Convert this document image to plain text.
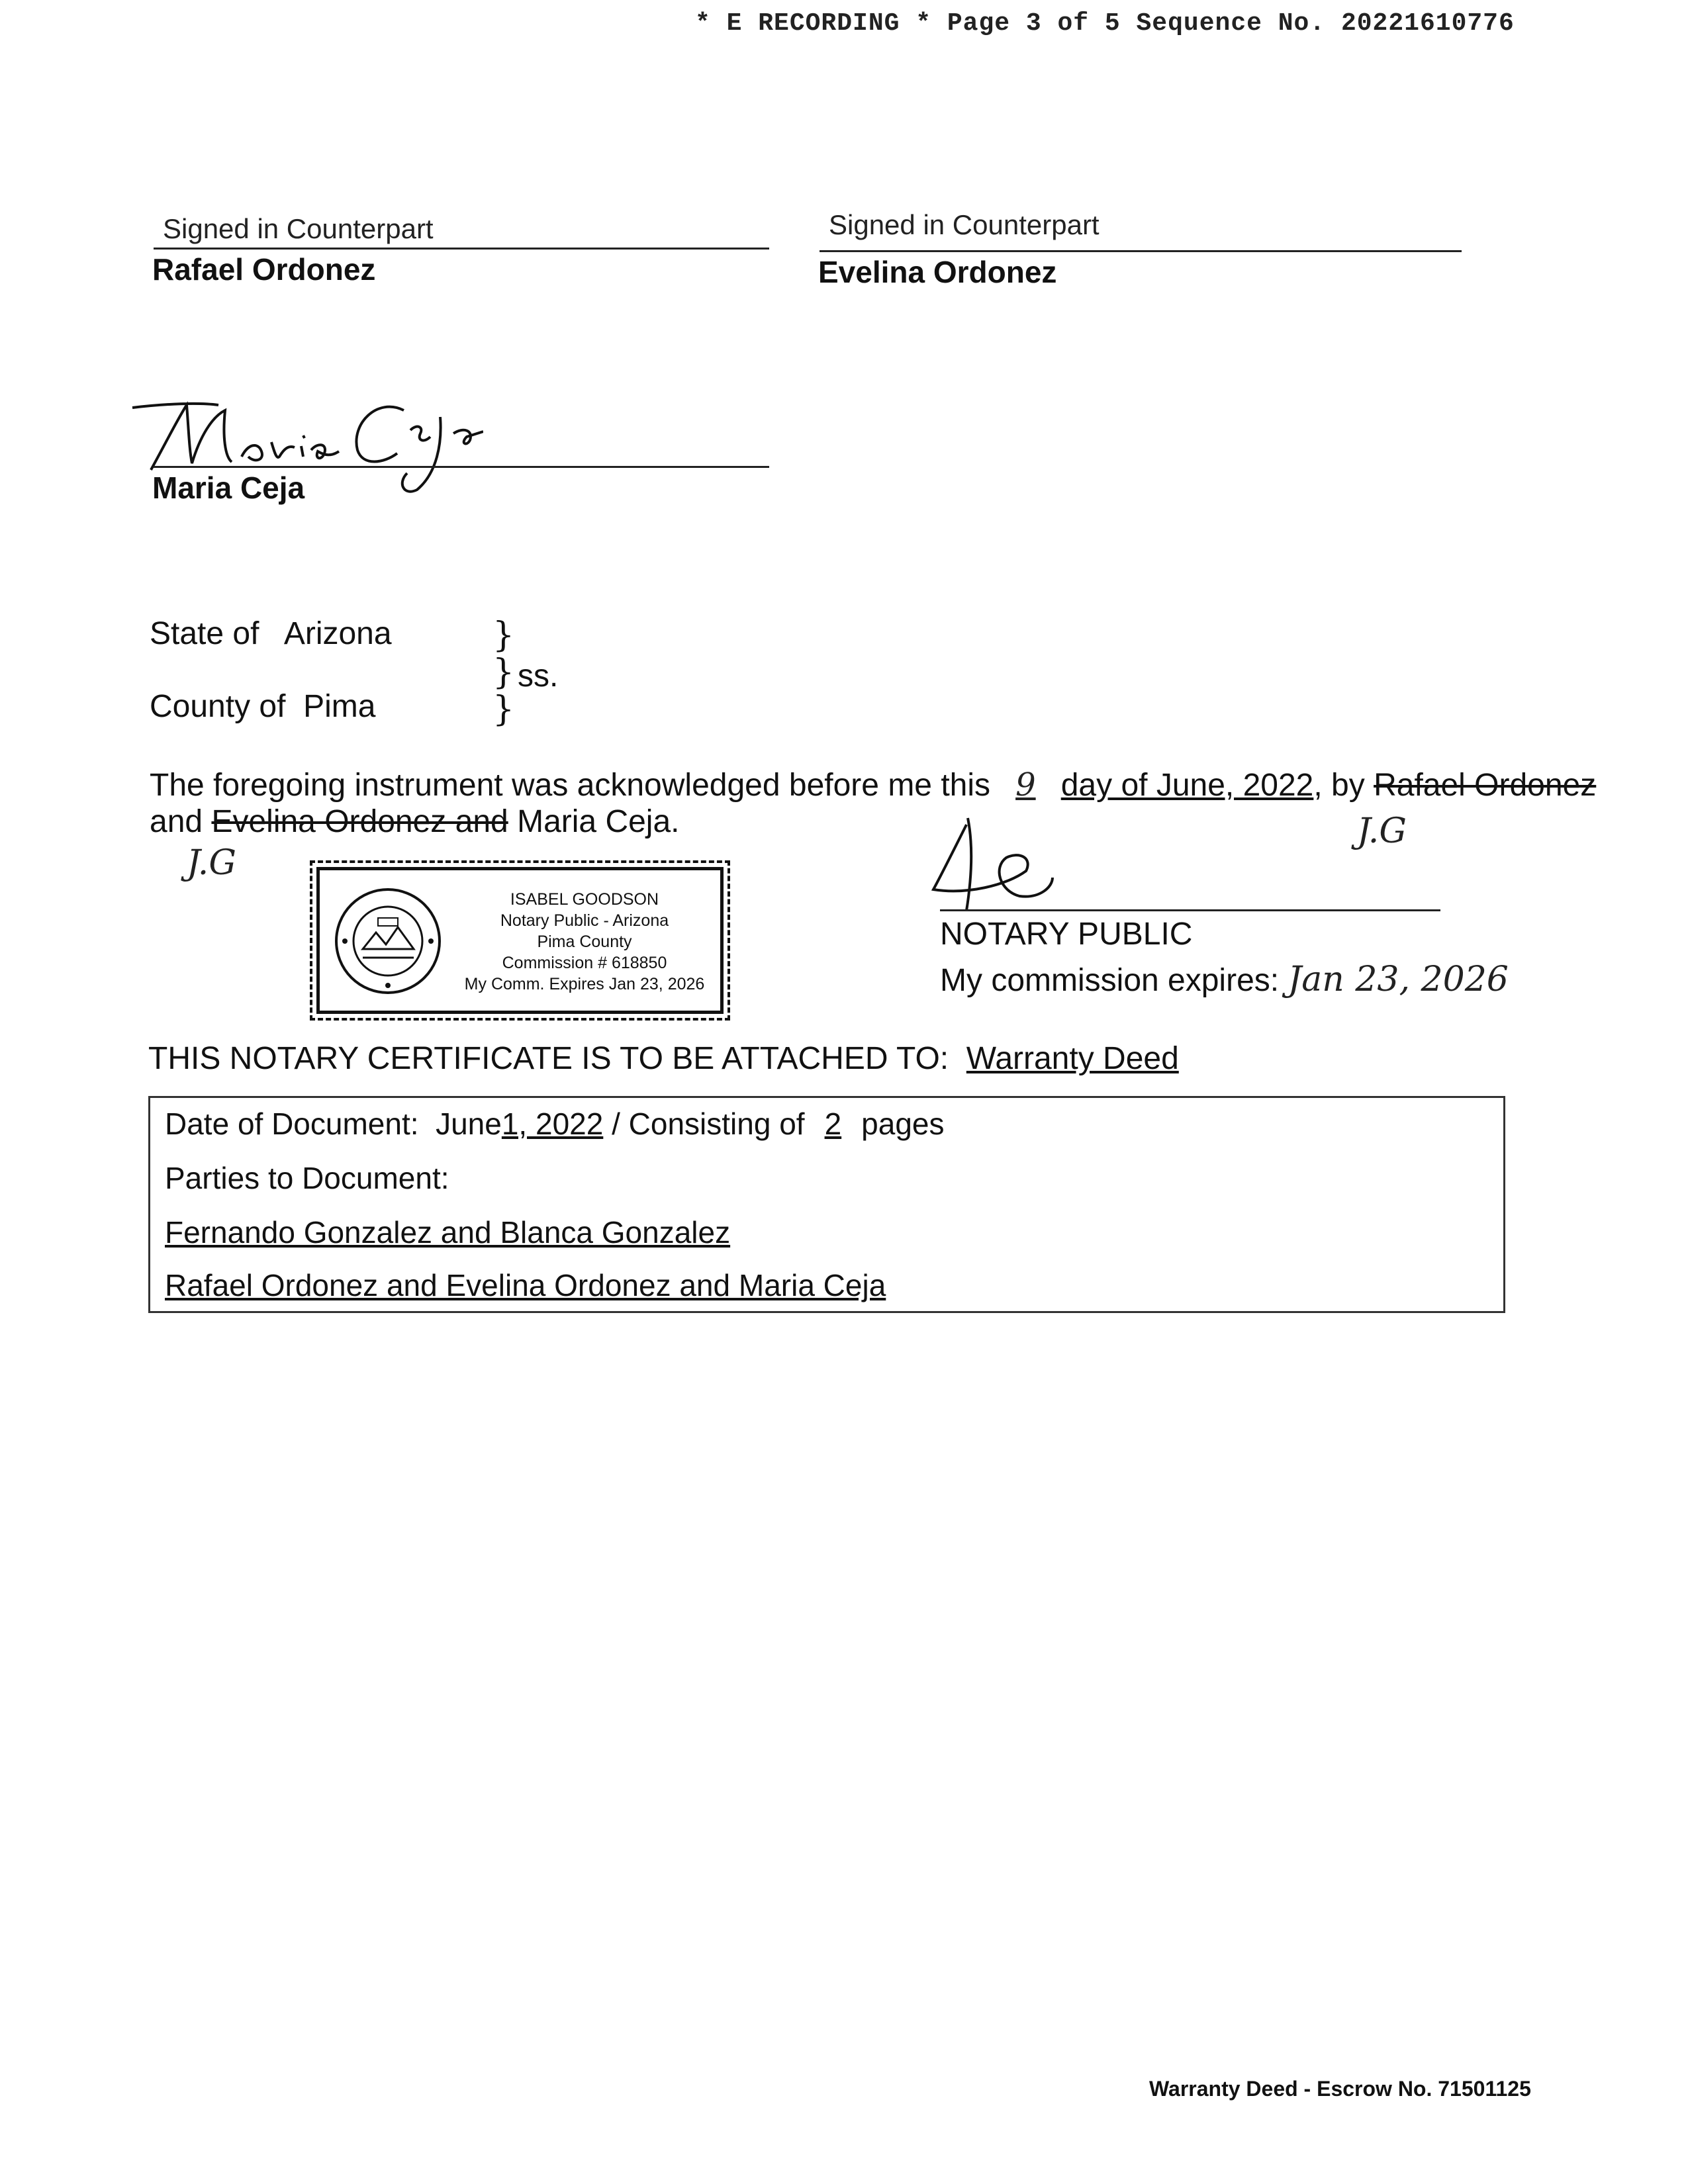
* E RECORDING * Page 3 of 5 Sequence No. 20221610776
Signed in Counterpart
Rafael Ordonez
Signed in Counterpart
Evelina Ordonez
Maria Ceja
State of Arizona
County of Pima
}
} ss.
}
The foregoing instrument was acknowledged before me this 9 day of June, 2022, by Rafael Ordonez
and Evelina Ordonez and Maria Ceja.	J.G
J.G
ISABEL GOODSON
Notary Public - Arizona
Pima County
Commission # 618850
My Comm. Expires Jan 23, 2026
NOTARY PUBLIC
My commission expires: Jan 23, 2026
THIS NOTARY CERTIFICATE IS TO BE ATTACHED TO: Warranty Deed
Date of Document: June1, 2022 / Consisting of 2 pages
Parties to Document:
Fernando Gonzalez and Blanca Gonzalez
Rafael Ordonez and Evelina Ordonez and Maria Ceja
Warranty Deed - Escrow No. 71501125
